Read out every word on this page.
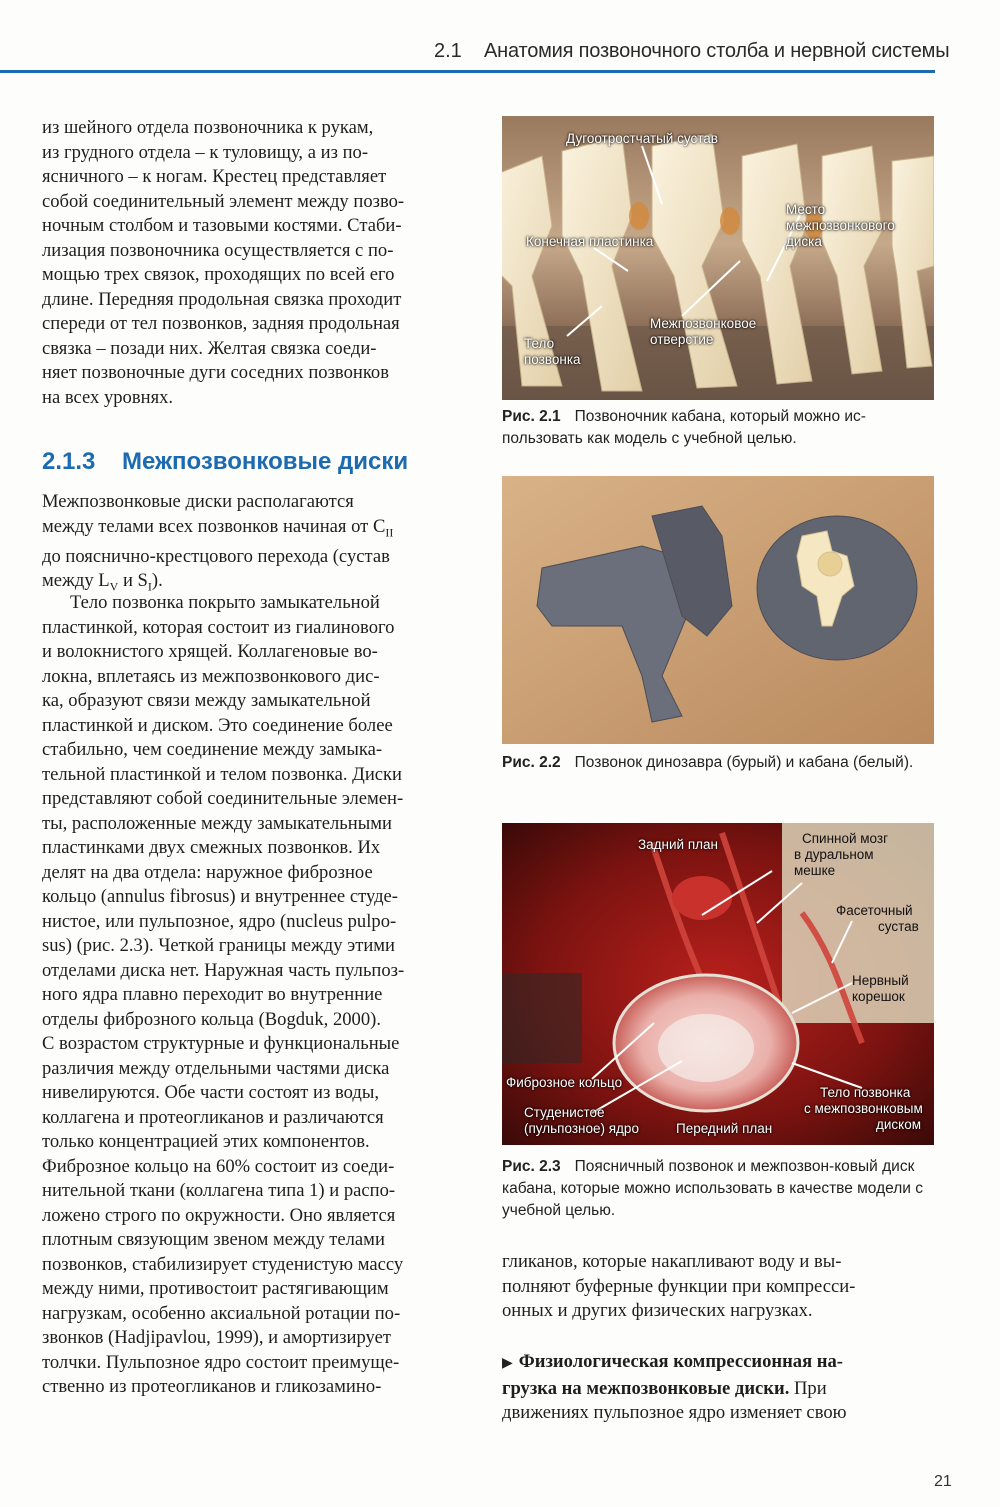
2.1 Анатомия позвоночного столба и нервной системы

из шейного отдела позвоночника к рукам,

из грудного отдела – к туловищу, а из по-

ясничного – к ногам. Крестец представляет

собой соединительный элемент между позво-

ночным столбом и тазовыми костями. Стаби-

лизация позвоночника осуществляется с по-

мощью трех связок, проходящих по всей его

длине. Передняя продольная связка проходит

спереди от тел позвонков, задняя продольная

связка – позади них. Желтая связка соеди-

няет позвоночные дуги соседних позвонков

на всех уровнях.

2.1.3 Межпозвонковые диски

Межпозвонковые диски располагаются

между телами всех позвонков начиная от $C_{II}$

до пояснично-крестцового перехода (сустав

между $L_V$ и $S_I$).

Тело позвонка покрыто замыкательной

пластинкой, которая состоит из гиалинового

и волокнистого хрящей. Коллагеновые во-

локна, вплетаясь из межпозвонкового дис-

ка, образуют связи между замыкательной

пластинкой и диском. Это соединение более

стабильно, чем соединение между замыка-

тельной пластинкой и телом позвонка. Диски

представляют собой соединительные элемен-

ты, расположенные между замыкательными

пластинками двух смежных позвонков. Их

делят на два отдела: наружное фиброзное

кольцо (annulus fibrosus) и внутреннее студе-

нистое, или пульпозное, ядро (nucleus pulpo-

sus) (рис. 2.3). Четкой границы между этими

отделами диска нет. Наружная часть пульпоз-

ного ядра плавно переходит во внутренние

отделы фиброзного кольца (Bogduk, 2000).

С возрастом структурные и функциональные

различия между отдельными частями диска

нивелируются. Обе части состоят из воды,

коллагена и протеогликанов и различаются

только концентрацией этих компонентов.

Фиброзное кольцо на 60% состоит из соеди-

нительной ткани (коллагена типа 1) и распо-

ложено строго по окружности. Оно является

плотным связующим звеном между телами

позвонков, стабилизирует студенистую массу

между ними, противостоит растягивающим

нагрузкам, особенно аксиальной ротации по-

звонков (Hadjipavlou, 1999), и амортизирует

толчки. Пульпозное ядро состоит преимуще-

ственно из протеогликанов и гликозамино-

Дугоотростчатый сустав
Место
межпозвонкового
диска
Конечная пластинка
Межпозвонковое
отверстие
Тело
позвонка
Рис. 2.1 Позвоночник кабана, который можно ис-пользовать как модель с учебной целью.
Рис. 2.2 Позвонок динозавра (бурый) и кабана (белый).
Задний план	Спинной мозг
в дуральном
мешке
Фасеточный
сустав
Нервный
корешок
Фиброзное кольцо
Студенистое
(пульпозное) ядро	Передний план
Тело позвонка
с межпозвонковым
диском
Рис. 2.3 Поясничный позвонок и межпозвон-ковый диск кабана, которые можно использовать в качестве модели с учебной целью.

гликанов, которые накапливают воду и вы-

полняют буферные функции при компресси-

онных и других физических нагрузках.

▶ Физиологическая компрессионная на-

грузка на межпозвонковые диски. При

движениях пульпозное ядро изменяет свою

21
